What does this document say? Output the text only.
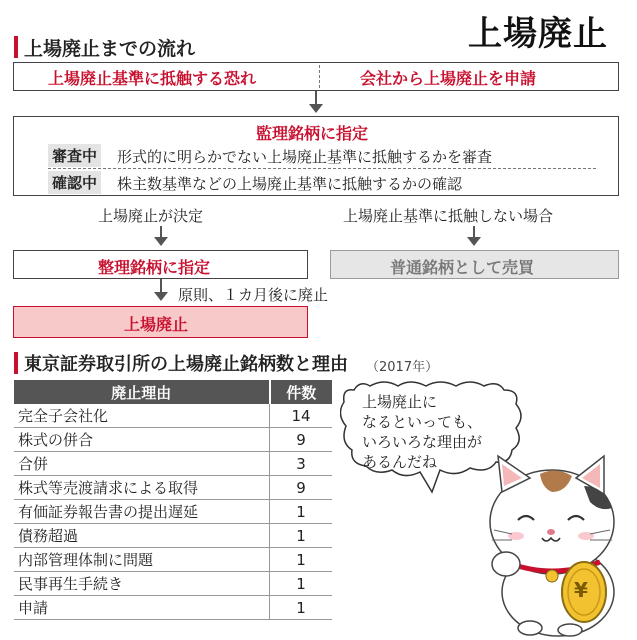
上場廃止までの流れ	上場廃止
上場廃止基準に抵触する恐れ	会社から上場廃止を申請
監理銘柄に指定
審査中 形式的に明らかでない上場廃止基準に抵触するかを審査
確認中 株主数基準などの上場廃止基準に抵触するかの確認
上場廃止が決定	上場廃止基準に抵触しない場合
整理銘柄に指定	普通銘柄として売買
原則、１カ月後に廃止
上場廃止
東京証券取引所の上場廃止銘柄数と理由 （2017年）
廃止理由	件数
完全子会社化	14
株式の併合	9
合併	3
株式等売渡請求による取得	9
有価証券報告書の提出遅延	1
債務超過	1
内部管理体制に問題	1
民事再生手続き	1
申請	1
上場廃止に
なるといっても、
いろいろな理由が
あるんだね
¥
